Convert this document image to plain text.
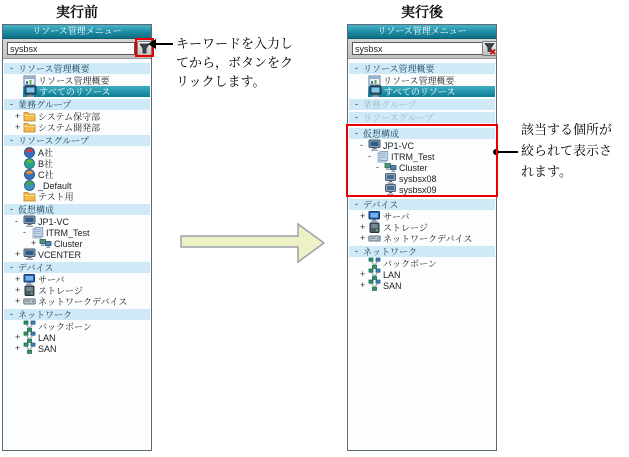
実行前	実行後
リソース管理メニュー
sysbsx
- リソース管理概要
リソース管理概要
すべてのリソース
- 業務グループ
+	システム保守部
+	システム開発部
- リソースグループ
A社
B社
C社
_Default
テスト用
- 仮想構成
-	JP1-VC
-	ITRM_Test
+	Cluster
+	VCENTER
- デバイス
+	サーバ
+	ストレージ
+	ネットワークデバイス
- ネットワーク
バックボーン
+	LAN
+	SAN
リソース管理メニュー
sysbsx
- リソース管理概要
リソース管理概要
すべてのリソース
- 業務グループ
- リソースグループ
- 仮想構成
-	JP1-VC
-	ITRM_Test
-	Cluster
sysbsx08
sysbsx09
- デバイス
+	サーバ
+	ストレージ
+	ネットワークデバイス
- ネットワーク
バックボーン
+	LAN
+	SAN
キーワードを入力し
てから，ボタンをク
リックします。
該当する個所が
絞られて表示さ
れます。
